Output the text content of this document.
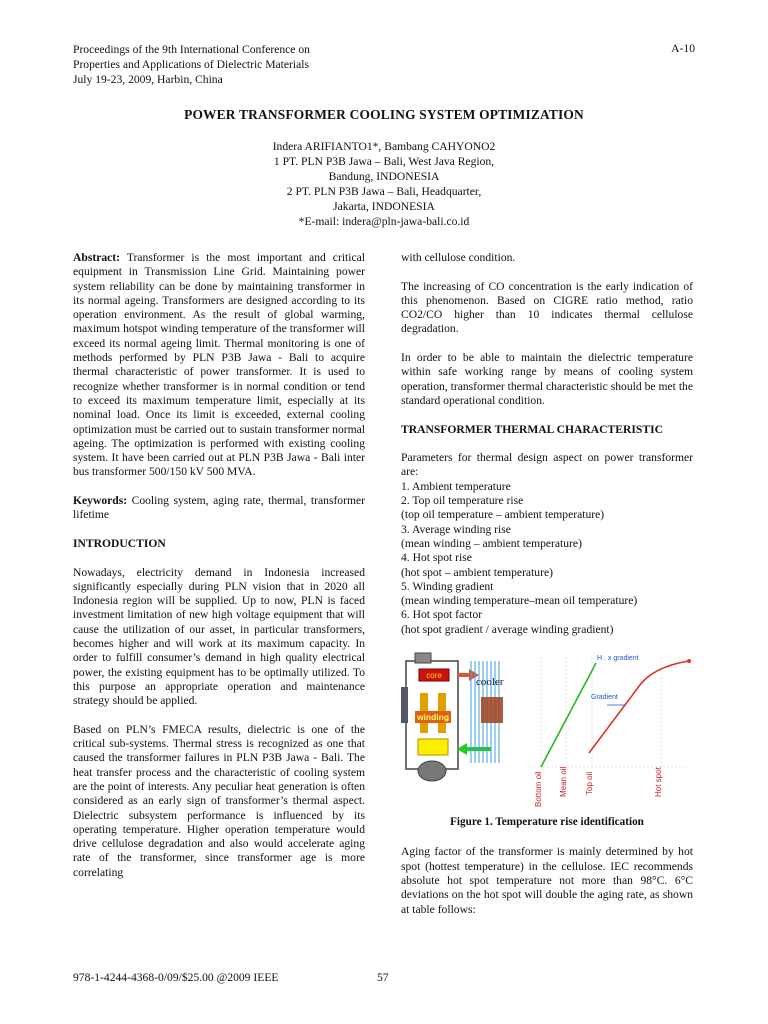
Proceedings of the 9th International Conference on
Properties and Applications of Dielectric Materials
July 19-23, 2009, Harbin, China
A-10
POWER TRANSFORMER COOLING SYSTEM OPTIMIZATION
Indera ARIFIANTO1*, Bambang CAHYONO2
1 PT. PLN P3B Jawa – Bali, West Java Region,
Bandung, INDONESIA
2 PT. PLN P3B Jawa – Bali, Headquarter,
Jakarta, INDONESIA
*E-mail: indera@pln-jawa-bali.co.id

Abstract: Transformer is the most important and critical equipment in Transmission Line Grid. Maintaining power system reliability can be done by maintaining transformer in its normal ageing. Transformers are designed according to its operation environment. As the result of global warming, maximum hotspot winding temperature of the transformer will exceed its normal ageing limit. Thermal monitoring is one of methods performed by PLN P3B Jawa - Bali to acquire thermal characteristic of power transformer. It is used to recognize whether transformer is in normal condition or tend to exceed its maximum temperature limit, especially at its nominal load. Once its limit is exceeded, external cooling optimization must be carried out to sustain transformer normal ageing. The optimization is performed with existing cooling system. It have been carried out at PLN P3B Jawa - Bali inter bus transformer 500/150 kV 500 MVA.

Keywords: Cooling system, aging rate, thermal, transformer lifetime

INTRODUCTION

Nowadays, electricity demand in Indonesia increased significantly especially during PLN vision that in 2020 all Indonesia region will be supplied. Up to now, PLN is faced investment limitation of new high voltage equipment that will cause the utilization of our asset, in particular transformers, becomes higher and will work at its maximum capacity. In order to fulfill consumer’s demand in high quality electrical power, the existing equipment has to be optimally utilized. To this purpose an appropriate operation and maintenance strategy should be applied.

Based on PLN’s FMECA results, dielectric is one of the critical sub-systems. Thermal stress is recognized as one that caused the transformer failures in PLN P3B Jawa - Bali. The heat transfer process and the characteristic of cooling system are the point of interests. Any peculiar heat generation is often considered as an early sign of transformer’s thermal aspect. Dielectric subsystem performance is influenced by its operating temperature. Higher operation temperature would drive cellulose degradation and also would accelerate aging rate of the transformer, since transformer age is more correlating

with cellulose condition.

The increasing of CO concentration is the early indication of this phenomenon. Based on CIGRE ratio method, ratio CO2/CO higher than 10 indicates thermal cellulose degradation.

In order to be able to maintain the dielectric temperature within safe working range by means of cooling system operation, transformer thermal characteristic should be met the standard operational condition.

TRANSFORMER THERMAL CHARACTERISTIC

Parameters for thermal design aspect on power transformer are:

1. Ambient temperature
2. Top oil temperature rise
(top oil temperature – ambient temperature)
3. Average winding rise
(mean winding – ambient temperature)
4. Hot spot rise
(hot spot – ambient temperature)
5. Winding gradient
(mean winding temperature–mean oil temperature)
6. Hot spot factor
(hot spot gradient / average winding gradient)
core
winding
cooler
H . x gradient
Gradient
Bottom oil Mean oil Top oil	Hot spot
Figure 1. Temperature rise identification

Aging factor of the transformer is mainly determined by hot spot (hottest temperature) in the cellulose. IEC recommends absolute hot spot temperature not more than 98°C. 6°C deviations on the hot spot will double the aging rate, as shown at table follows:

978-1-4244-4368-0/09/$25.00 @2009 IEEE	57
